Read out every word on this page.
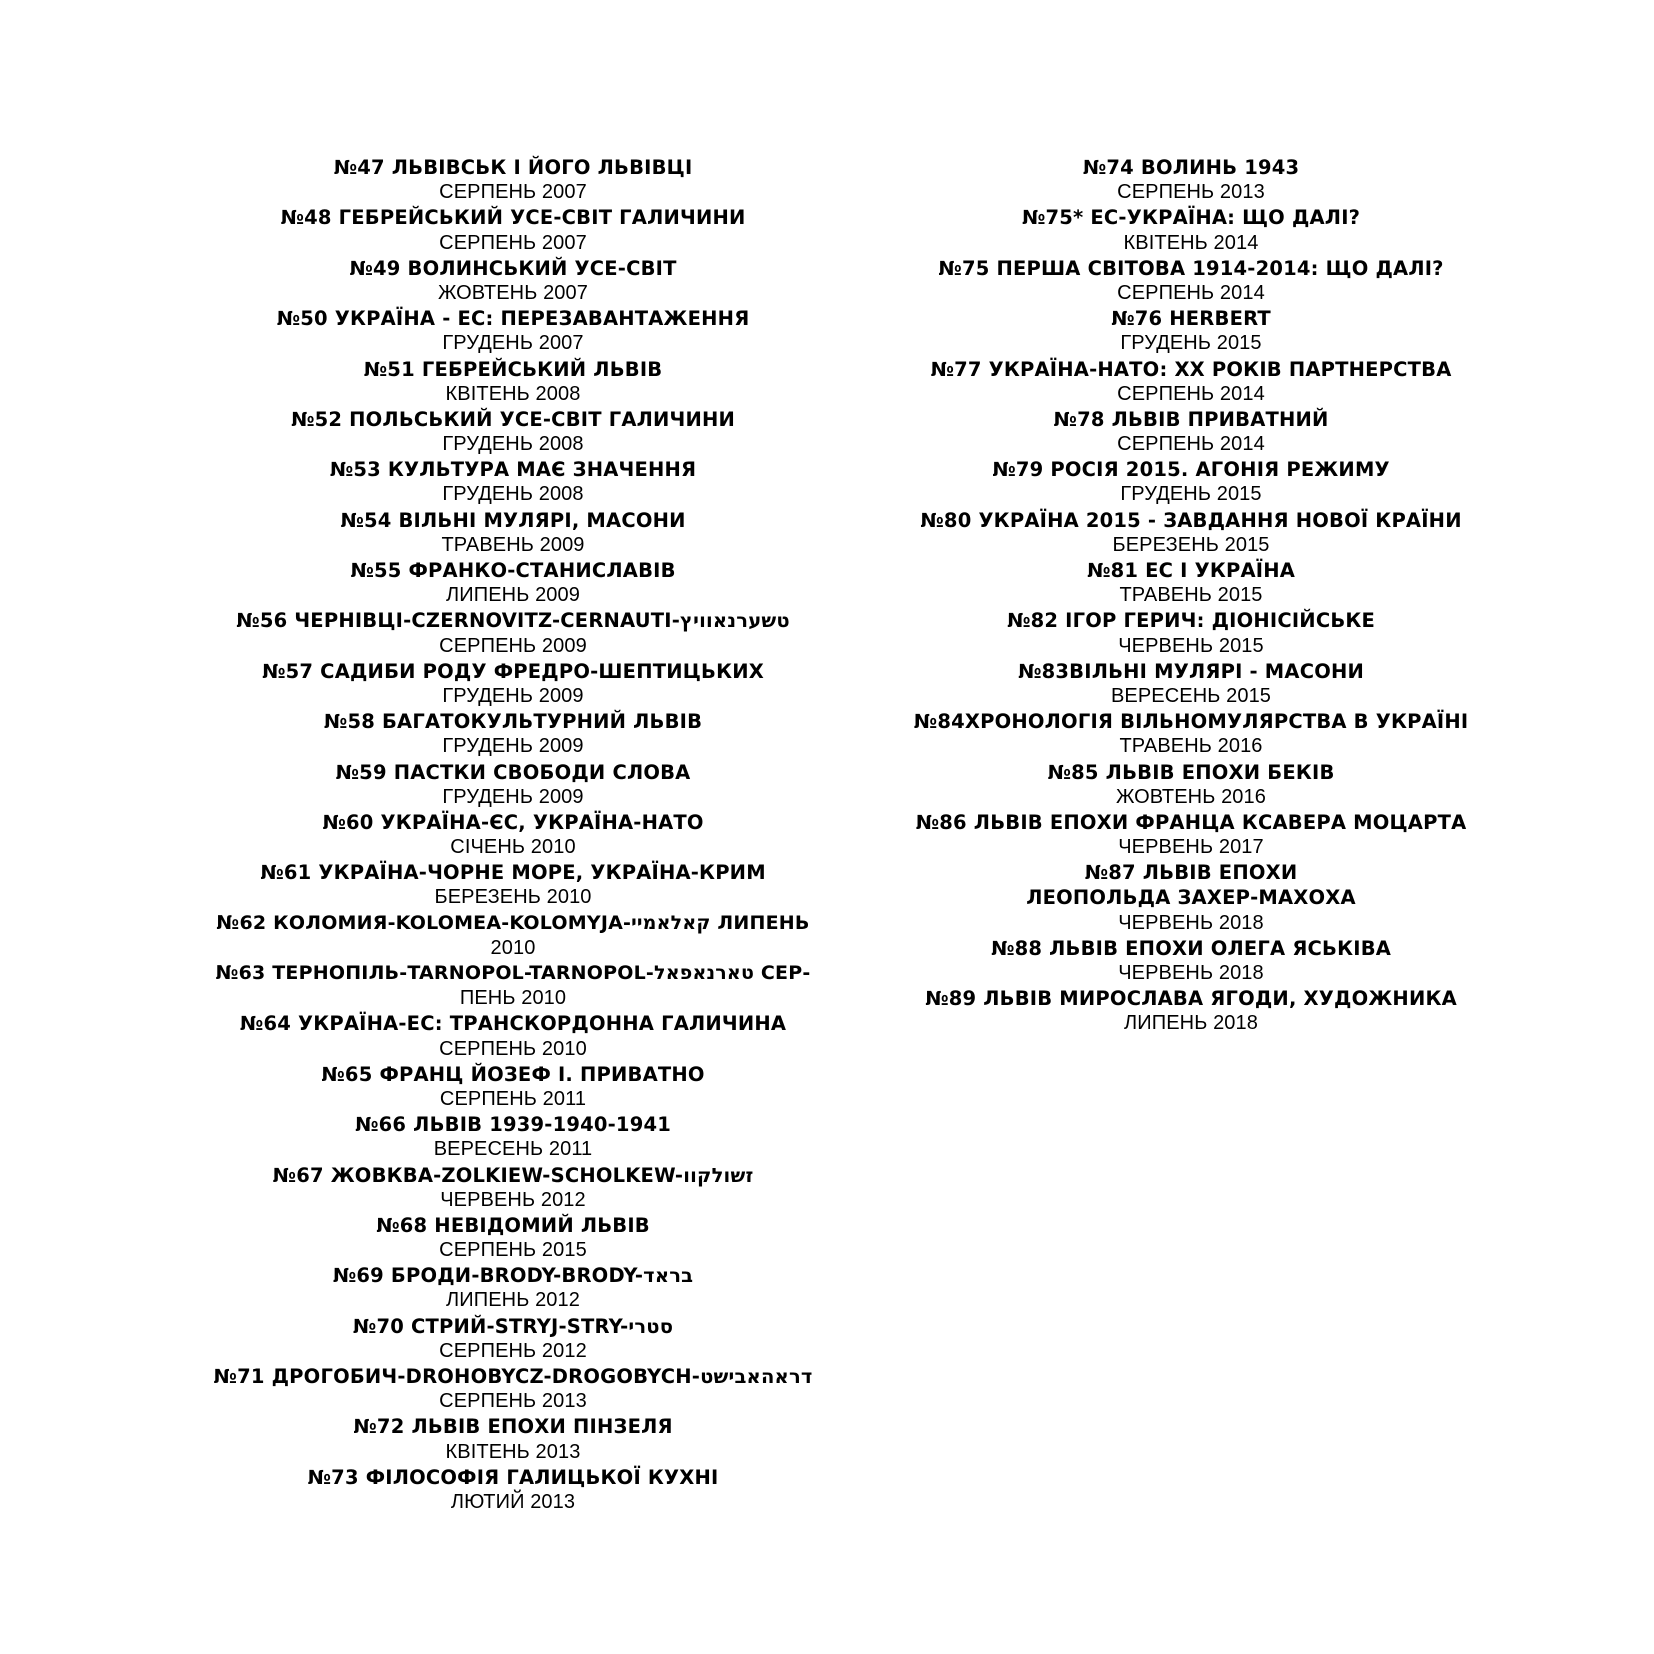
№47 ЛЬВІВСЬК І ЙОГО ЛЬВІВЦІ
СЕРПЕНЬ 2007
№48 ГЕБРЕЙСЬКИЙ УСЕ-СВІТ ГАЛИЧИНИ
СЕРПЕНЬ 2007
№49 ВОЛИНСЬКИЙ УСЕ-СВІТ
ЖОВТЕНЬ 2007
№50 УКРАЇНА - ЕС: ПЕРЕЗАВАНТАЖЕННЯ
ГРУДЕНЬ 2007
№51 ГЕБРЕЙСЬКИЙ ЛЬВІВ
КВІТЕНЬ 2008
№52 ПОЛЬСЬКИЙ УСЕ-СВІТ ГАЛИЧИНИ
ГРУДЕНЬ 2008
№53 КУЛЬТУРА МАЄ ЗНАЧЕННЯ
ГРУДЕНЬ 2008
№54 ВІЛЬНІ МУЛЯРІ, МАСОНИ
ТРАВЕНЬ 2009
№55 ФРАНКО-СТАНИСЛАВІВ
ЛИПЕНЬ 2009
№56 ЧЕРНІВЦІ-CZERNOVITZ-CERNAUTI-טשערנאוויץ
СЕРПЕНЬ 2009
№57 САДИБИ РОДУ ФРЕДРО-ШЕПТИЦЬКИХ
ГРУДЕНЬ 2009
№58 БАГАТОКУЛЬТУРНИЙ ЛЬВІВ
ГРУДЕНЬ 2009
№59 ПАСТКИ СВОБОДИ СЛОВА
ГРУДЕНЬ 2009
№60 УКРАЇНА-ЄС, УКРАЇНА-НАТО
СІЧЕНЬ 2010
№61 УКРАЇНА-ЧОРНЕ МОРЕ, УКРАЇНА-КРИМ
БЕРЕЗЕНЬ 2010
№62 КОЛОМИЯ-KOLOMEA-KOLOMYJA-קאלאמיי ЛИПЕНЬ
2010
№63 ТЕРНОПІЛЬ-TARNOPOL-TARNOPOL-טארנאפאל СЕР-
ПЕНЬ 2010
№64 УКРАЇНА-ЕС: ТРАНСКОРДОННА ГАЛИЧИНА
СЕРПЕНЬ 2010
№65 ФРАНЦ ЙОЗЕФ I. ПРИВАТНО
СЕРПЕНЬ 2011
№66 ЛЬВІВ 1939-1940-1941
ВЕРЕСЕНЬ 2011
№67 ЖОВКВА-ZOLKIEW-SCHOLKEW-זשולקוו
ЧЕРВЕНЬ 2012
№68 НЕВІДОМИЙ ЛЬВІВ
СЕРПЕНЬ 2015
№69 БРОДИ-BRODY-BRODY-בראד
ЛИПЕНЬ 2012
№70 СТРИЙ-STRYJ-STRY-סטרי
СЕРПЕНЬ 2012
№71 ДРОГОБИЧ-DROHOBYCZ-DROGOBYCH-דראהאבישט
СЕРПЕНЬ 2013
№72 ЛЬВІВ ЕПОХИ ПІНЗЕЛЯ
КВІТЕНЬ 2013
№73 ФІЛОСОФІЯ ГАЛИЦЬКОЇ КУХНІ
ЛЮТИЙ 2013
№74 ВОЛИНЬ 1943
СЕРПЕНЬ 2013
№75* ЕС-УКРАЇНА: ЩО ДАЛІ?
КВІТЕНЬ 2014
№75 ПЕРША СВІТОВА 1914-2014: ЩО ДАЛІ?
СЕРПЕНЬ 2014
№76 HERBERT
ГРУДЕНЬ 2015
№77 УКРАЇНА-НАТО: ХХ РОКІВ ПАРТНЕРСТВА
СЕРПЕНЬ 2014
№78 ЛЬВІВ ПРИВАТНИЙ
СЕРПЕНЬ 2014
№79 РОСІЯ 2015. АГОНІЯ РЕЖИМУ
ГРУДЕНЬ 2015
№80 УКРАЇНА 2015 - ЗАВДАННЯ НОВОЇ КРАЇНИ
БЕРЕЗЕНЬ 2015
№81 ЕС І УКРАЇНА
ТРАВЕНЬ 2015
№82 ІГОР ГЕРИЧ: ДІОНІСІЙСЬКЕ
ЧЕРВЕНЬ 2015
№83ВІЛЬНІ МУЛЯРІ - МАСОНИ
ВЕРЕСЕНЬ 2015
№84ХРОНОЛОГІЯ ВІЛЬНОМУЛЯРСТВА В УКРАЇНІ
ТРАВЕНЬ 2016
№85 ЛЬВІВ ЕПОХИ БЕКІВ
ЖОВТЕНЬ 2016
№86 ЛЬВІВ ЕПОХИ ФРАНЦА КСАВЕРА МОЦАРТА
ЧЕРВЕНЬ 2017
№87 ЛЬВІВ ЕПОХИ
ЛЕОПОЛЬДА ЗАХЕР-МАХОХА
ЧЕРВЕНЬ 2018
№88 ЛЬВІВ ЕПОХИ ОЛЕГА ЯСЬКІВА
ЧЕРВЕНЬ 2018
№89 ЛЬВІВ МИРОСЛАВА ЯГОДИ, ХУДОЖНИКА
ЛИПЕНЬ 2018
